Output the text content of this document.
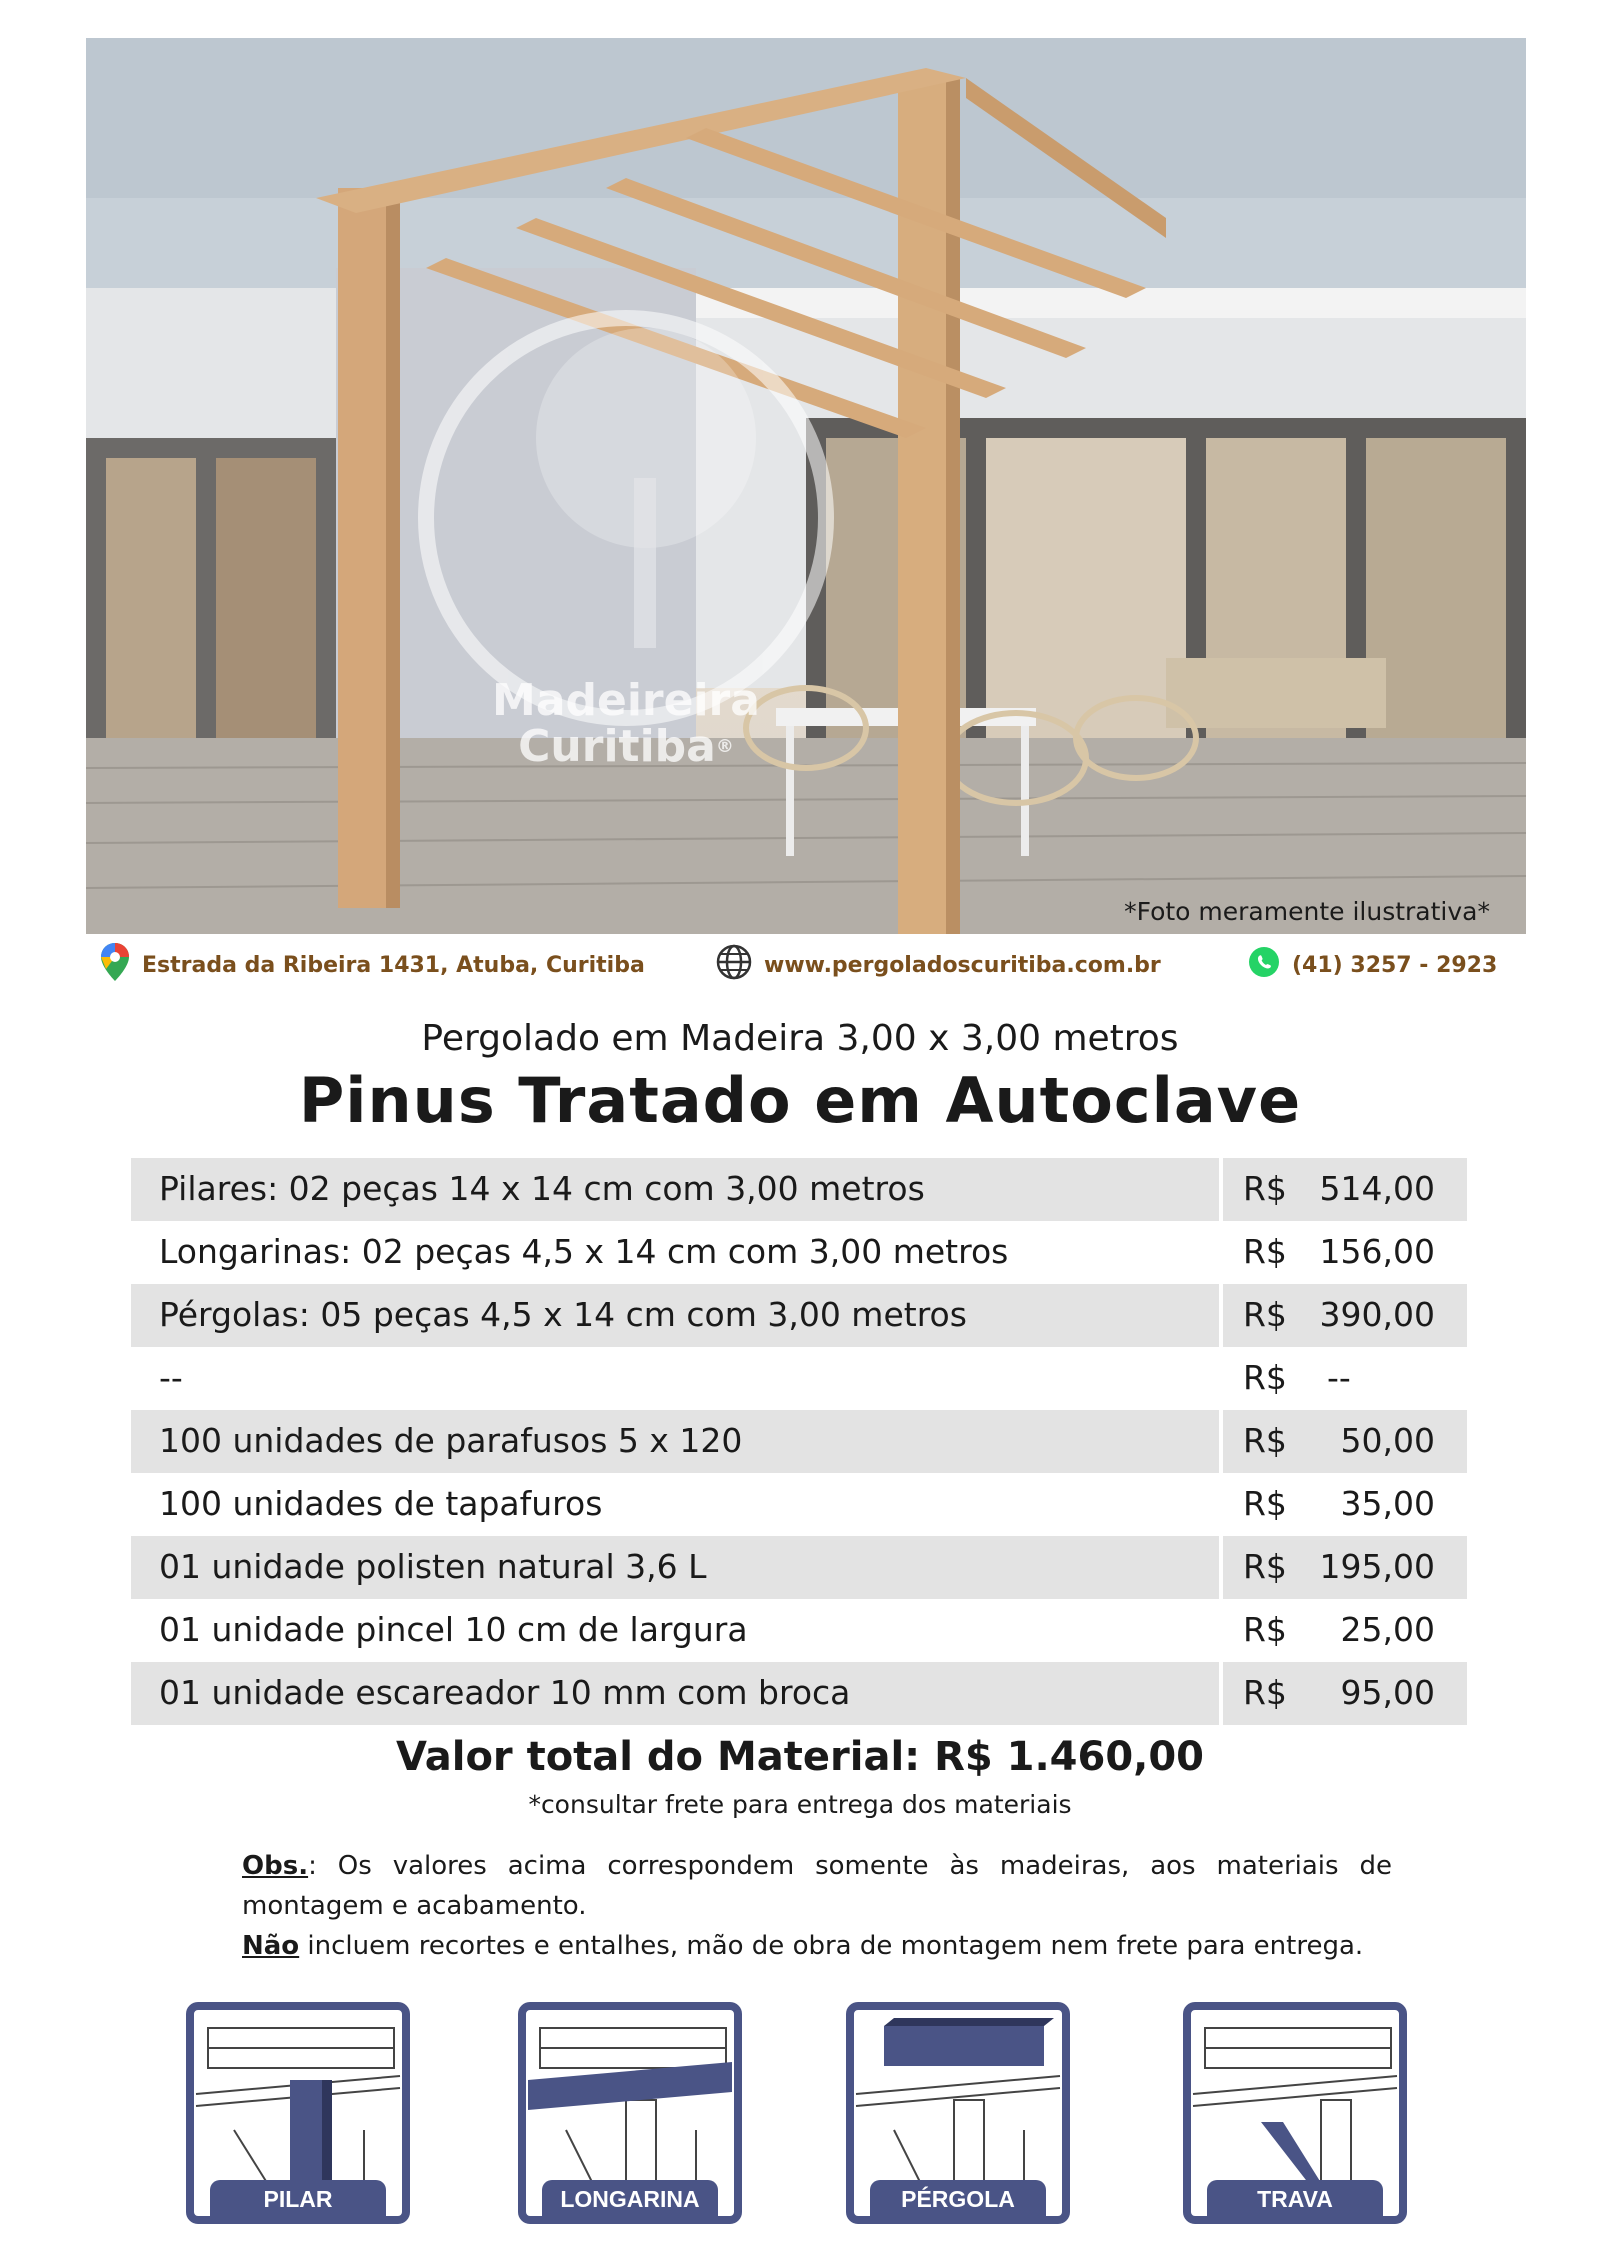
Madeireira
Curitiba®
*Foto meramente ilustrativa*
Estrada da Ribeira 1431, Atuba, Curitiba	www.pergoladoscuritiba.com.br	(41) 3257 - 2923
Pergolado em Madeira 3,00 x 3,00 metros
Pinus Tratado em Autoclave
Pilares: 02 peças 14 x 14 cm com 3,00 metros	R$ 514,00
Longarinas: 02 peças 4,5 x 14 cm com 3,00 metros	R$ 156,00
Pérgolas: 05 peças 4,5 x 14 cm com 3,00 metros	R$ 390,00
--	R$ --
100 unidades de parafusos 5 x 120	R$ 50,00
100 unidades de tapafuros	R$ 35,00
01 unidade polisten natural 3,6 L	R$ 195,00
01 unidade pincel 10 cm de largura	R$ 25,00
01 unidade escareador 10 mm com broca	R$ 95,00
Valor total do Material: R$ 1.460,00
*consultar frete para entrega dos materiais
Obs.: Os valores acima correspondem somente às madeiras, aos materiais de montagem e acabamento.
Não incluem recortes e entalhes, mão de obra de montagem nem frete para entrega.
PILAR	LONGARINA	PÉRGOLA	TRAVA
